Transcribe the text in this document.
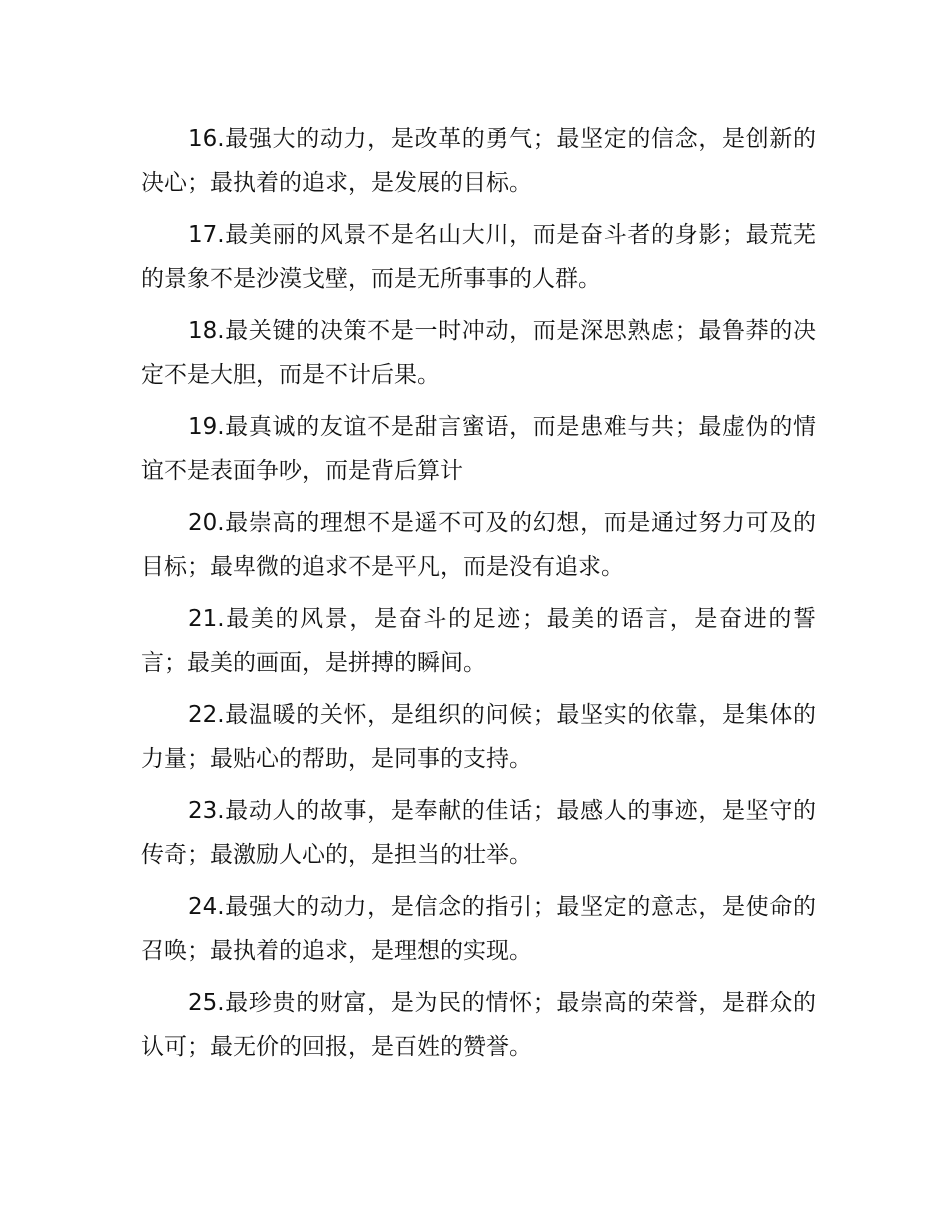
16.最强大的动力，是改革的勇气；最坚定的信念，是创新的决心；最执着的追求，是发展的目标。

17.最美丽的风景不是名山大川，而是奋斗者的身影；最荒芜的景象不是沙漠戈壁，而是无所事事的人群。

18.最关键的决策不是一时冲动，而是深思熟虑；最鲁莽的决定不是大胆，而是不计后果。

19.最真诚的友谊不是甜言蜜语，而是患难与共；最虚伪的情谊不是表面争吵，而是背后算计

20.最崇高的理想不是遥不可及的幻想，而是通过努力可及的目标；最卑微的追求不是平凡，而是没有追求。

21.最美的风景，是奋斗的足迹；最美的语言，是奋进的誓言；最美的画面，是拼搏的瞬间。

22.最温暖的关怀，是组织的问候；最坚实的依靠，是集体的力量；最贴心的帮助，是同事的支持。

23.最动人的故事，是奉献的佳话；最感人的事迹，是坚守的传奇；最激励人心的，是担当的壮举。

24.最强大的动力，是信念的指引；最坚定的意志，是使命的召唤；最执着的追求，是理想的实现。

25.最珍贵的财富，是为民的情怀；最崇高的荣誉，是群众的认可；最无价的回报，是百姓的赞誉。
